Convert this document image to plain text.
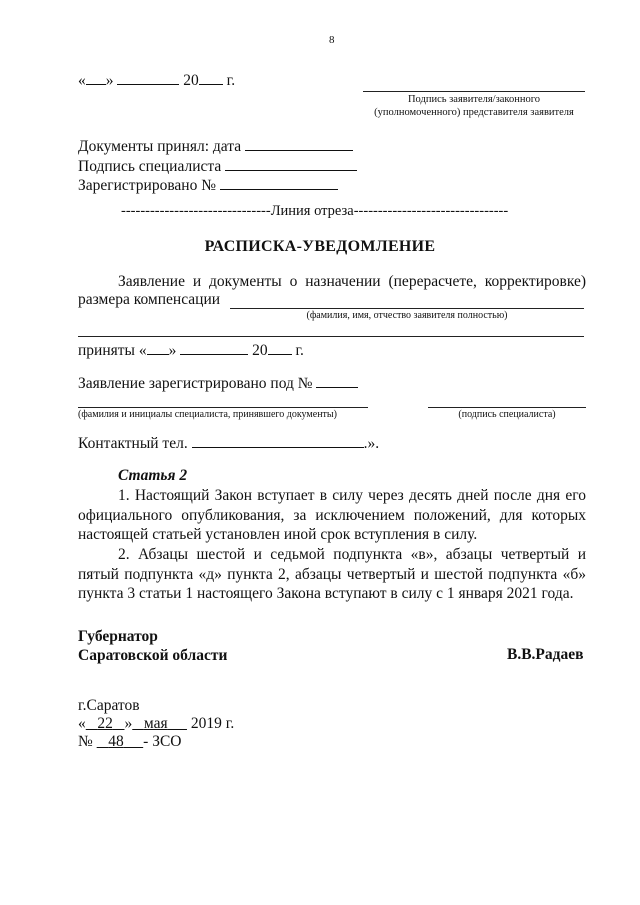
8
« »	20 г.
Подпись заявителя/законного
(уполномоченного) представителя заявителя
Документы принял: дата
Подпись специалиста
Зарегистрировано №
-------------------------------Линия отреза--------------------------------
РАСПИСКА-УВЕДОМЛЕНИЕ
Заявление и документы о назначении (перерасчете, корректировке)
размера компенсации
(фамилия, имя, отчество заявителя полностью)
приняты « »	20 г.
Заявление зарегистрировано под №
(фамилия и инициалы специалиста, принявшего документы)	(подпись специалиста)
Контактный тел.	.».
Статья 2
1. Настоящий Закон вступает в силу через десять дней после дня его официального опубликования, за исключением положений, для которых настоящей статьей установлен иной срок вступления в силу.
2. Абзацы шестой и седьмой подпункта «в», абзацы четвертый и пятый подпункта «д» пункта 2, абзацы четвертый и шестой подпункта «б» пункта 3 статьи 1 настоящего Закона вступают в силу с 1 января 2021 года.
Губернатор
Саратовской области	В.В.Радаев
г.Саратов
« 22 » мая 2019 г.
№ 48 - ЗСО
